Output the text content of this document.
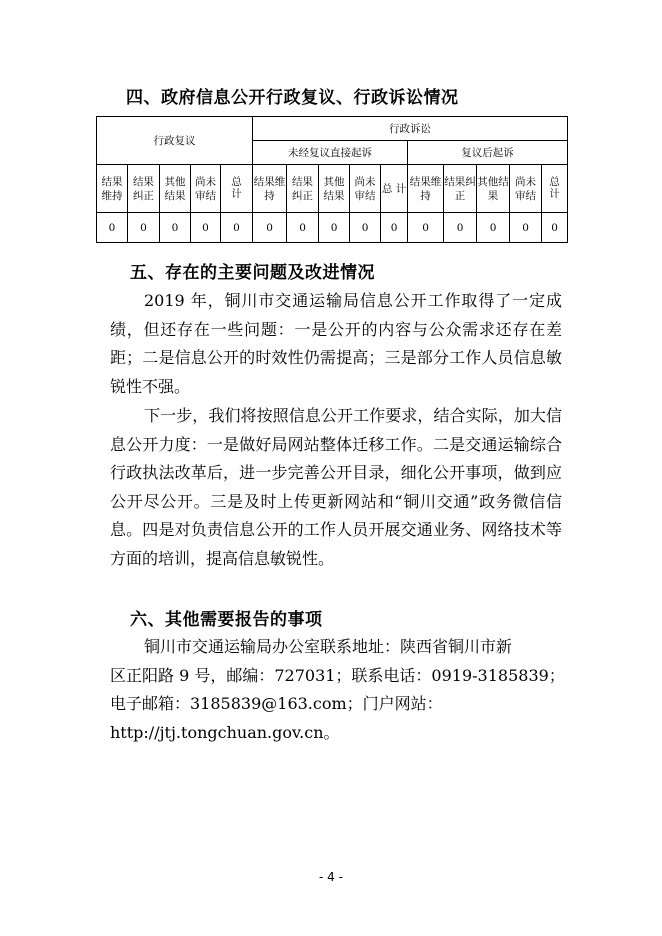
四、政府信息公开行政复议、行政诉讼情况
行政复议					行政诉讼									
					未经复议直接起诉					复议后起诉				
结果维持	结果纠正	其他结果	尚未审结	总计	结果维持	结果纠正	其他结果	尚未审结	总 计	结果维持	结果纠正	其他结果	尚未审结	总计
0	0	0	0	0	0	0	0	0	0	0	0	0	0	0
五、存在的主要问题及改进情况

2019 年，铜川市交通运输局信息公开工作取得了一定成绩，但还存在一些问题：一是公开的内容与公众需求还存在差距；二是信息公开的时效性仍需提高；三是部分工作人员信息敏锐性不强。

下一步，我们将按照信息公开工作要求，结合实际，加大信息公开力度：一是做好局网站整体迁移工作。二是交通运输综合行政执法改革后，进一步完善公开目录，细化公开事项，做到应公开尽公开。三是及时上传更新网站和“铜川交通”政务微信信息。四是对负责信息公开的工作人员开展交通业务、网络技术等方面的培训，提高信息敏锐性。

六、其他需要报告的事项
铜川市交通运输局办公室联系地址：陕西省铜川市新
区正阳路 9 号，邮编：727031；联系电话：0919-3185839；
电子邮箱：3185839@163.com；门户网站：
http://jtj.tongchuan.gov.cn。
- 4 -
